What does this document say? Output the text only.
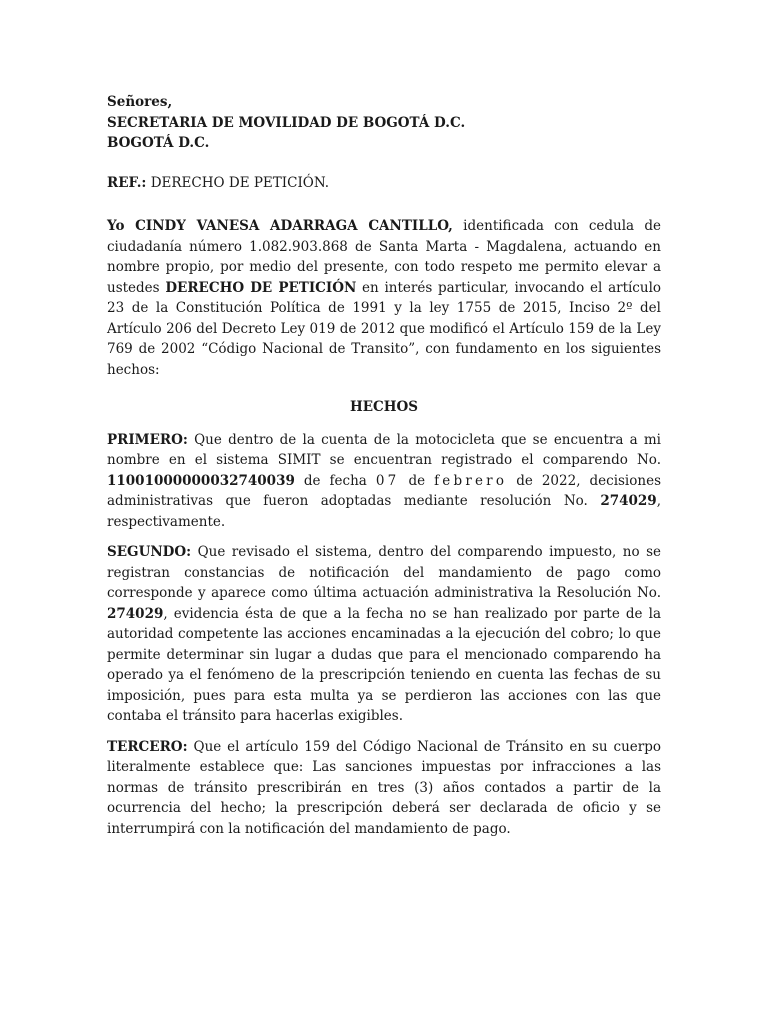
Señores,
SECRETARIA DE MOVILIDAD DE BOGOTÁ D.C.
BOGOTÁ D.C.
REF.: DERECHO DE PETICIÓN.

Yo CINDY VANESA ADARRAGA CANTILLO, identificada con cedula de ciudadanía número 1.082.903.868 de Santa Marta - Magdalena, actuando en nombre propio, por medio del presente, con todo respeto me permito elevar a ustedes DERECHO DE PETICIÓN en interés particular, invocando el artículo 23 de la Constitución Política de 1991 y la ley 1755 de 2015, Inciso 2º del Artículo 206 del Decreto Ley 019 de 2012 que modificó el Artículo 159 de la Ley 769 de 2002 “Código Nacional de Transito”, con fundamento en los siguientes hechos:

HECHOS

PRIMERO: Que dentro de la cuenta de la motocicleta que se encuentra a mi nombre en el sistema SIMIT se encuentran registrado el comparendo No. 11001000000032740039 de fecha 07 de febrero de 2022, decisiones administrativas que fueron adoptadas mediante resolución No. 274029, respectivamente.

SEGUNDO: Que revisado el sistema, dentro del comparendo impuesto, no se registran constancias de notificación del mandamiento de pago como corresponde y aparece como última actuación administrativa la Resolución No. 274029, evidencia ésta de que a la fecha no se han realizado por parte de la autoridad competente las acciones encaminadas a la ejecución del cobro; lo que permite determinar sin lugar a dudas que para el mencionado comparendo ha operado ya el fenómeno de la prescripción teniendo en cuenta las fechas de su imposición, pues para esta multa ya se perdieron las acciones con las que contaba el tránsito para hacerlas exigibles.

TERCERO: Que el artículo 159 del Código Nacional de Tránsito en su cuerpo literalmente establece que: Las sanciones impuestas por infracciones a las normas de tránsito prescribirán en tres (3) años contados a partir de la ocurrencia del hecho; la prescripción deberá ser declarada de oficio y se interrumpirá con la notificación del mandamiento de pago.
